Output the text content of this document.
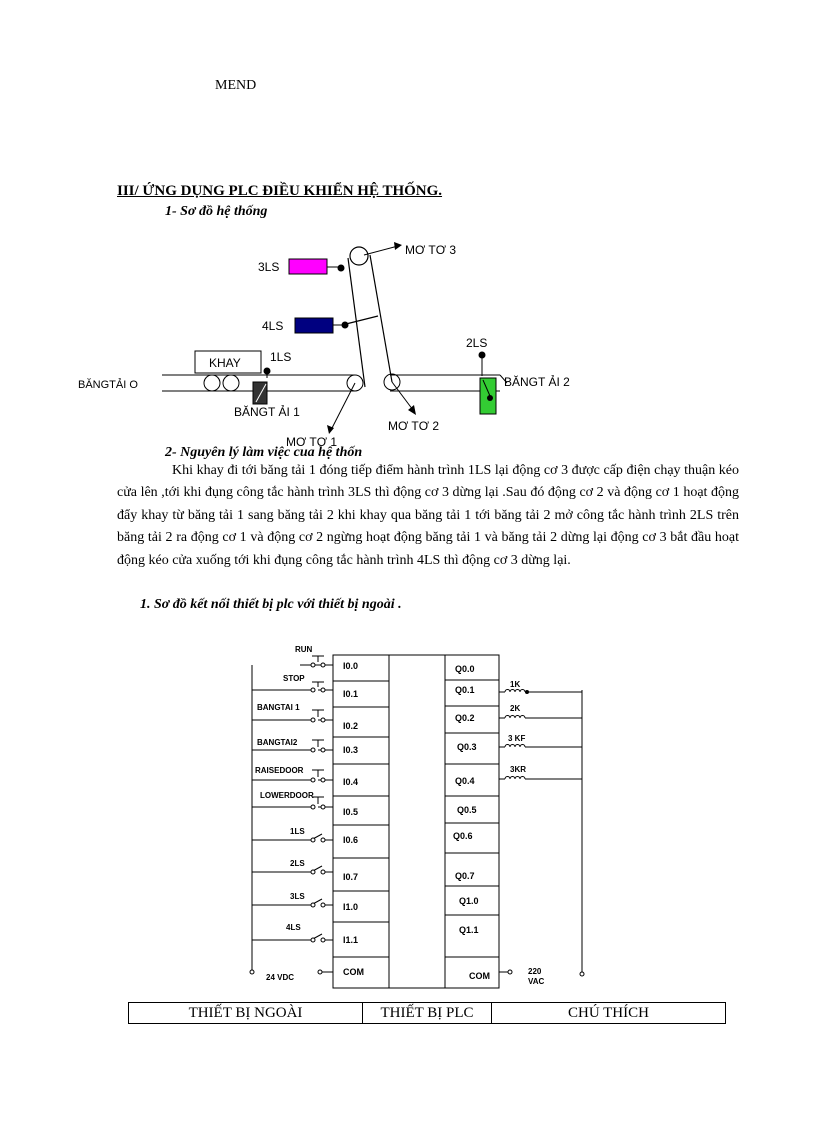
MEND
III/ ỨNG DỤNG PLC ĐIỀU KHIỂN HỆ THỐNG.
1- Sơ đồ hệ thống
MƠ TƠ 3
3LS
4LS
KHAY 1LS
BĂNGTẢI O
BĂNGT ẢI 1
2LS
BĂNGT ẢI 2
MƠ TƠ 1
MƠ TƠ 2
2- Nguyên lý làm việc cua hệ thốn
Khi khay đi tới băng tải 1 đóng tiếp điểm hành trình 1LS lại động cơ 3 được cấp điện chạy thuận kéo cửa lên ,tới khi đụng công tắc hành trình 3LS thì động cơ 3 dừng lại .Sau đó động cơ 2 và động cơ 1 hoạt động đẩy khay từ băng tải 1 sang băng tải 2 khi khay qua băng tải 1 tới băng tải 2 mở công tắc hành trình 2LS trên băng tải 2 ra động cơ 1 và động cơ 2 ngừng hoạt động băng tải 1 và băng tải 2 dừng lại động cơ 3 bắt đầu hoạt động kéo cửa xuống tới khi đụng công tắc hành trình 4LS thì động cơ 3 dừng lại.
1. Sơ đồ kết nối thiết bị plc với thiết bị ngoài .
RUN
STOP
BANGTAI 1
BANGTAI2
RAISEDOOR
LOWERDOOR
1LS
2LS
3LS
4LS
24 VDC
1K
2K
3 KF
3KR
220
VAC
I0.0
I0.1
I0.2
I0.3
I0.4
I0.5
I0.6
I0.7
I1.0
I1.1
COM
Q0.0
Q0.1
Q0.2
Q0.3
Q0.4
Q0.5
Q0.6
Q0.7
Q1.0
Q1.1
COM
THIẾT BỊ NGOÀI	THIẾT BỊ PLC	CHÚ THÍCH
